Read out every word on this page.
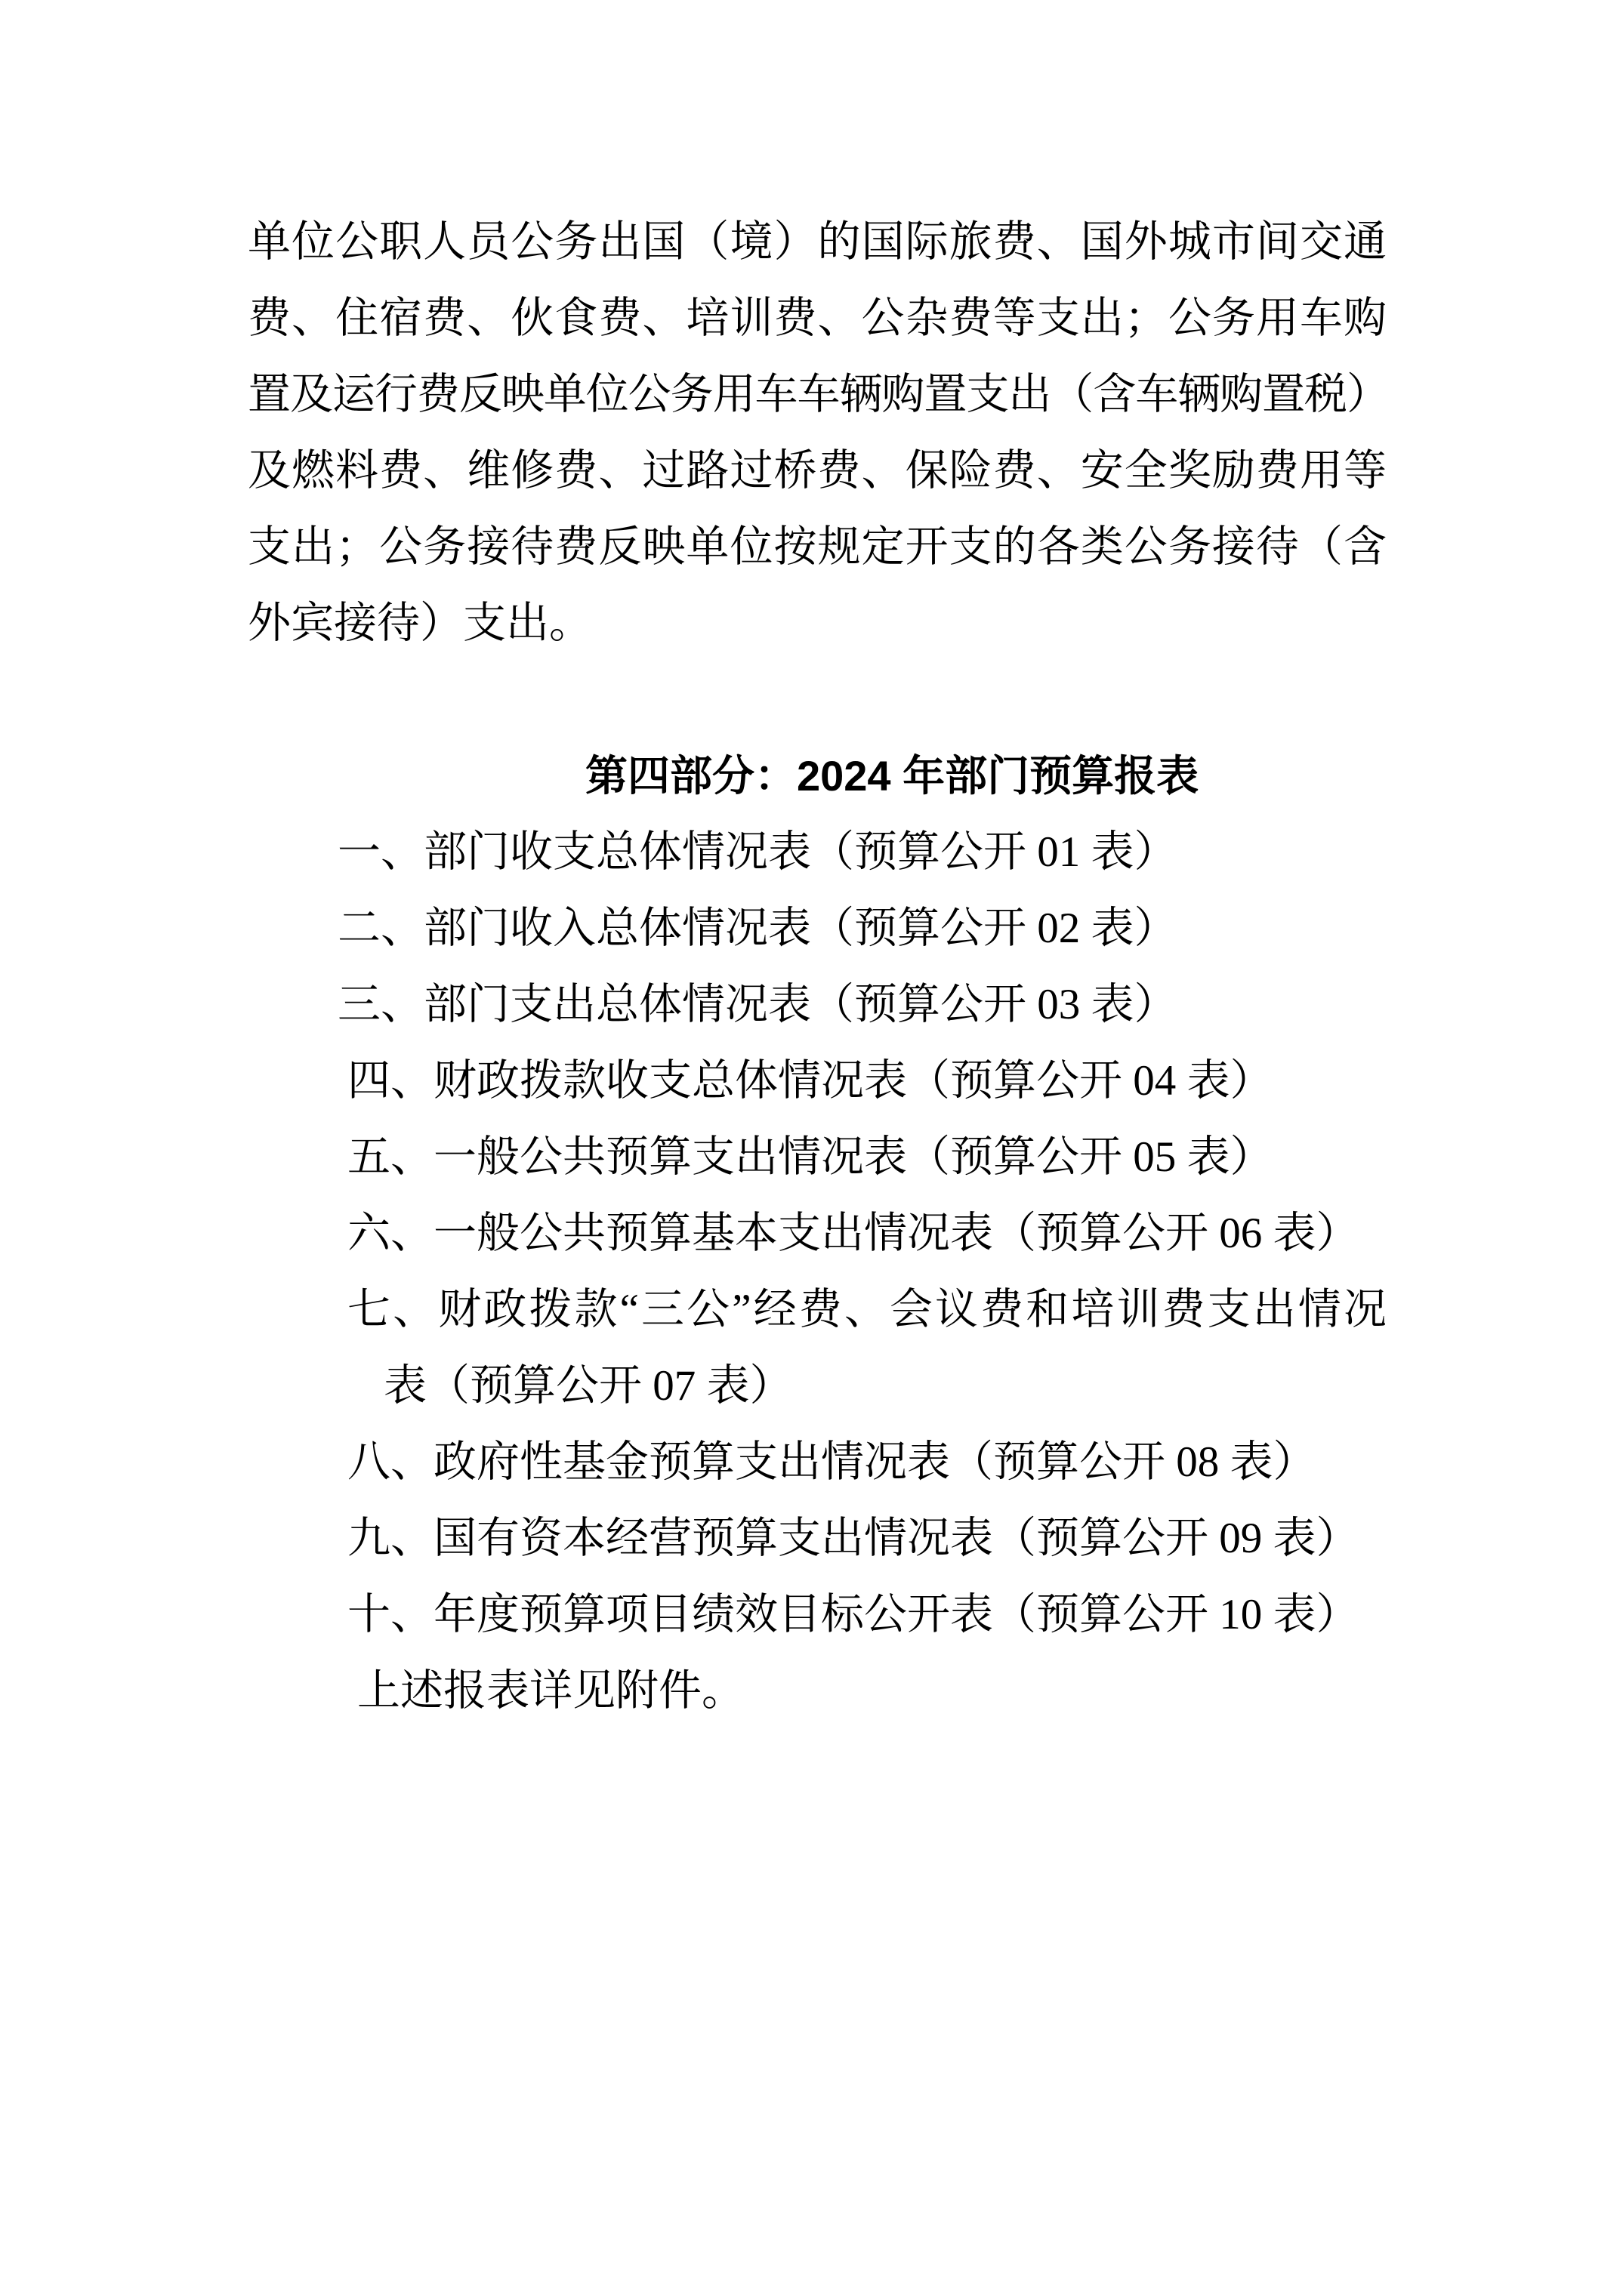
单位公职人员公务出国（境）的国际旅费、国外城市间交通
费、住宿费、伙食费、培训费、公杂费等支出；公务用车购
置及运行费反映单位公务用车车辆购置支出（含车辆购置税）
及燃料费、维修费、过路过桥费、保险费、安全奖励费用等
支出；公务接待费反映单位按规定开支的各类公务接待（含
外宾接待）支出。
第四部分：2024 年部门预算报表
一、部门收支总体情况表（预算公开 01 表）
二、部门收入总体情况表（预算公开 02 表）
三、部门支出总体情况表（预算公开 03 表）
四、财政拨款收支总体情况表（预算公开 04 表）
五、一般公共预算支出情况表（预算公开 05 表）
六、一般公共预算基本支出情况表（预算公开 06 表）
七、财政拨款“三公”经费、会议费和培训费支出情况
表（预算公开 07 表）
八、政府性基金预算支出情况表（预算公开 08 表）
九、国有资本经营预算支出情况表（预算公开 09 表）
十、年度预算项目绩效目标公开表（预算公开 10 表）
上述报表详见附件。
